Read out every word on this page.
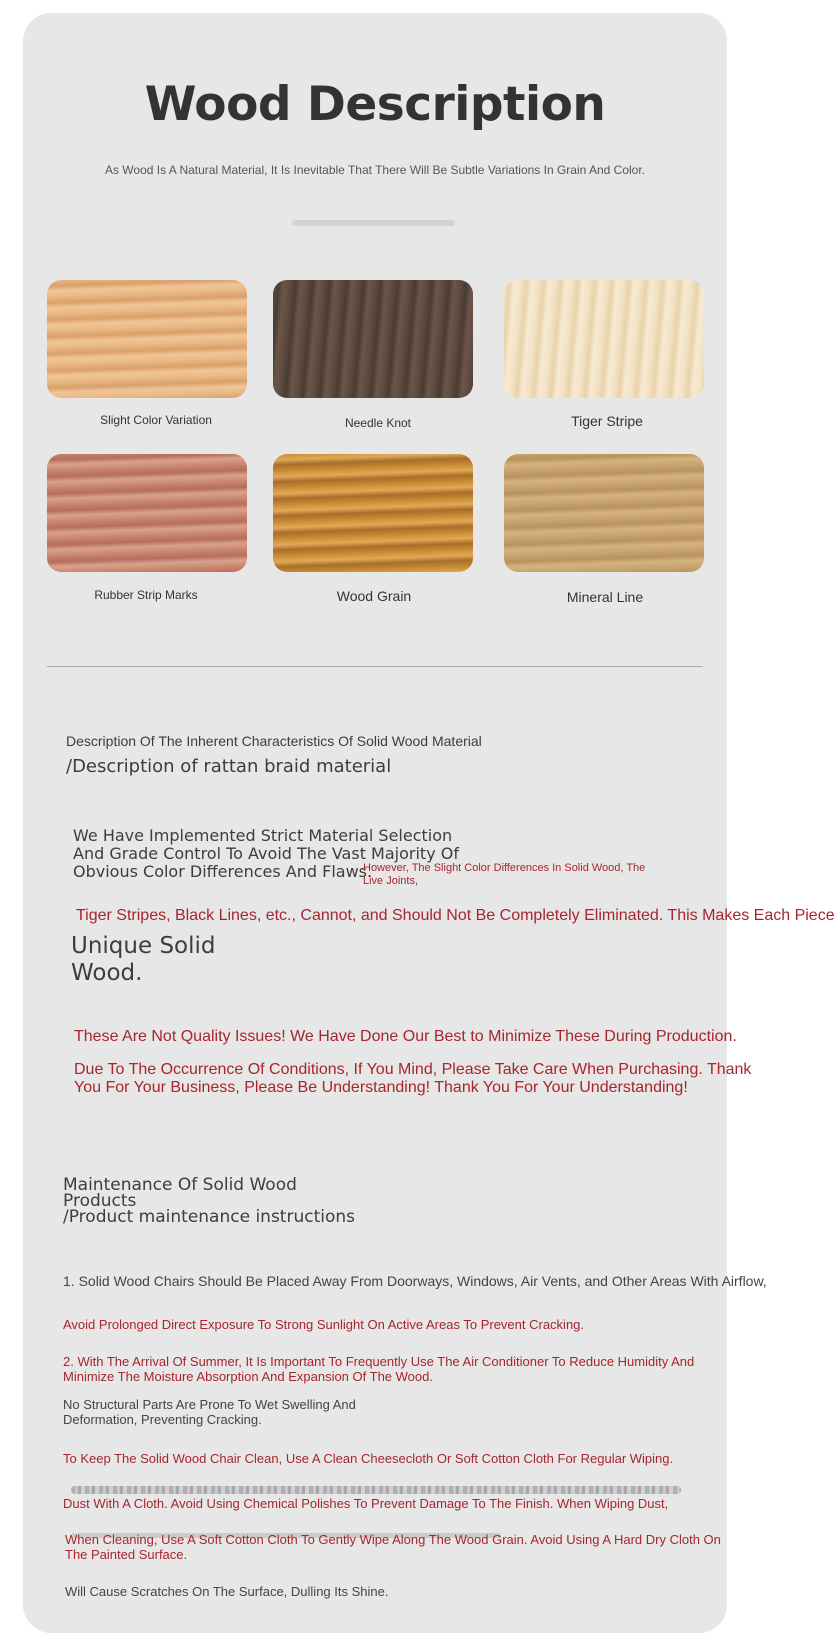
Wood Description
As Wood Is A Natural Material, It Is Inevitable That There Will Be Subtle Variations In Grain And Color.
Slight Color Variation	Needle Knot	Tiger Stripe
Rubber Strip Marks	Wood Grain	Mineral Line
Description Of The Inherent Characteristics Of Solid Wood Material
/Description of rattan braid material
We Have Implemented Strict Material Selection And Grade Control To Avoid The Vast Majority Of Obvious Color Differences And Flaws.
However, The Slight Color Differences In Solid Wood, The Live Joints,
Tiger Stripes, Black Lines, etc., Cannot, and Should Not Be Completely Eliminated. This Makes Each Piece
Unique Solid Wood.
These Are Not Quality Issues! We Have Done Our Best to Minimize These During Production.
Due To The Occurrence Of Conditions, If You Mind, Please Take Care When Purchasing. Thank You For Your Business, Please Be Understanding! Thank You For Your Understanding!
Maintenance Of Solid Wood Products
/Product maintenance instructions
1. Solid Wood Chairs Should Be Placed Away From Doorways, Windows, Air Vents, and Other Areas With Airflow,
Avoid Prolonged Direct Exposure To Strong Sunlight On Active Areas To Prevent Cracking.
2. With The Arrival Of Summer, It Is Important To Frequently Use The Air Conditioner To Reduce Humidity And Minimize The Moisture Absorption And Expansion Of The Wood.
No Structural Parts Are Prone To Wet Swelling And Deformation, Preventing Cracking.
To Keep The Solid Wood Chair Clean, Use A Clean Cheesecloth Or Soft Cotton Cloth For Regular Wiping.
Dust With A Cloth. Avoid Using Chemical Polishes To Prevent Damage To The Finish. When Wiping Dust,
When Cleaning, Use A Soft Cotton Cloth To Gently Wipe Along The Wood Grain. Avoid Using A Hard Dry Cloth On The Painted Surface.
Will Cause Scratches On The Surface, Dulling Its Shine.
